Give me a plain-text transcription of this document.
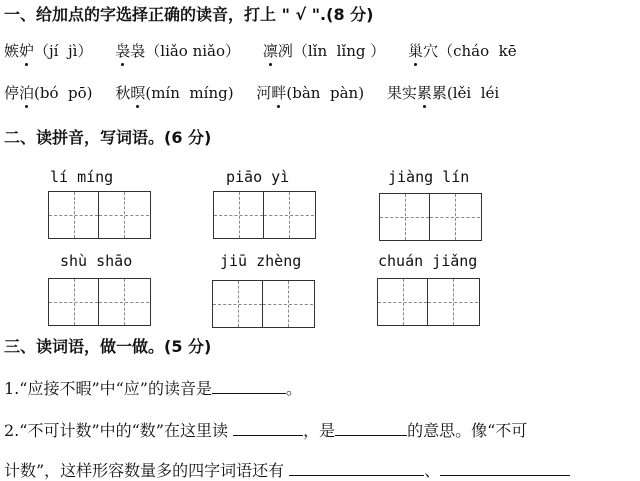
一、给加点的字选择正确的读音，打上 " √ ".(8 分)
嫉妒（jí  jì） 袅袅（liǎo niǎo） 凛冽（lǐn  lǐng ） 巢穴（cháo  kē
停泊(bó  pō) 秋暝(mín  míng) 河畔(bàn  pàn) 果实累累(lěi  léi
二、读拼音，写词语。(6 分)
lí míng	piāo yì	jiàng lín
shù shāo	jiū zhèng	chuán jiǎng
三、读词语，做一做。(5 分)
1.“应接不暇”中“应”的读音是	。
2.“不可计数”中的“数”在这里读	，是	的意思。像“不可
计数”，这样形容数量多的四字词语还有	、
